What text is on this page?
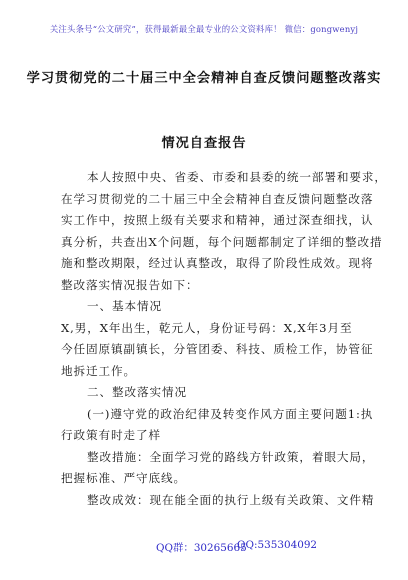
关注头条号“公文研究”，获得最新最全最专业的公文资料库！ 微信：gongwenyj
学习贯彻党的二十届三中全会精神自查反馈问题整改落实
情况自查报告
本人按照中央、省委、市委和县委的统一部署和要求，
在学习贯彻党的二十届三中全会精神自查反馈问题整改落
实工作中，按照上级有关要求和精神，通过深查细找，认
真分析，共查出X个问题，每个问题都制定了详细的整改措
施和整改期限，经过认真整改，取得了阶段性成效。现将
整改落实情况报告如下：
一、基本情况
X,男，X年出生，乾元人，身份证号码：X,X年3月至
今任固原镇副镇长，分管团委、科技、质检工作，协管征
地拆迁工作。
二、整改落实情况
(一)遵守党的政治纪律及转变作风方面主要问题1:执
行政策有时走了样
整改措施：全面学习党的路线方针政策，着眼大局，
把握标准、严守底线。
整改成效：现在能全面的执行上级有关政策、文件精
QQ群：30265665
QQ:535304092
